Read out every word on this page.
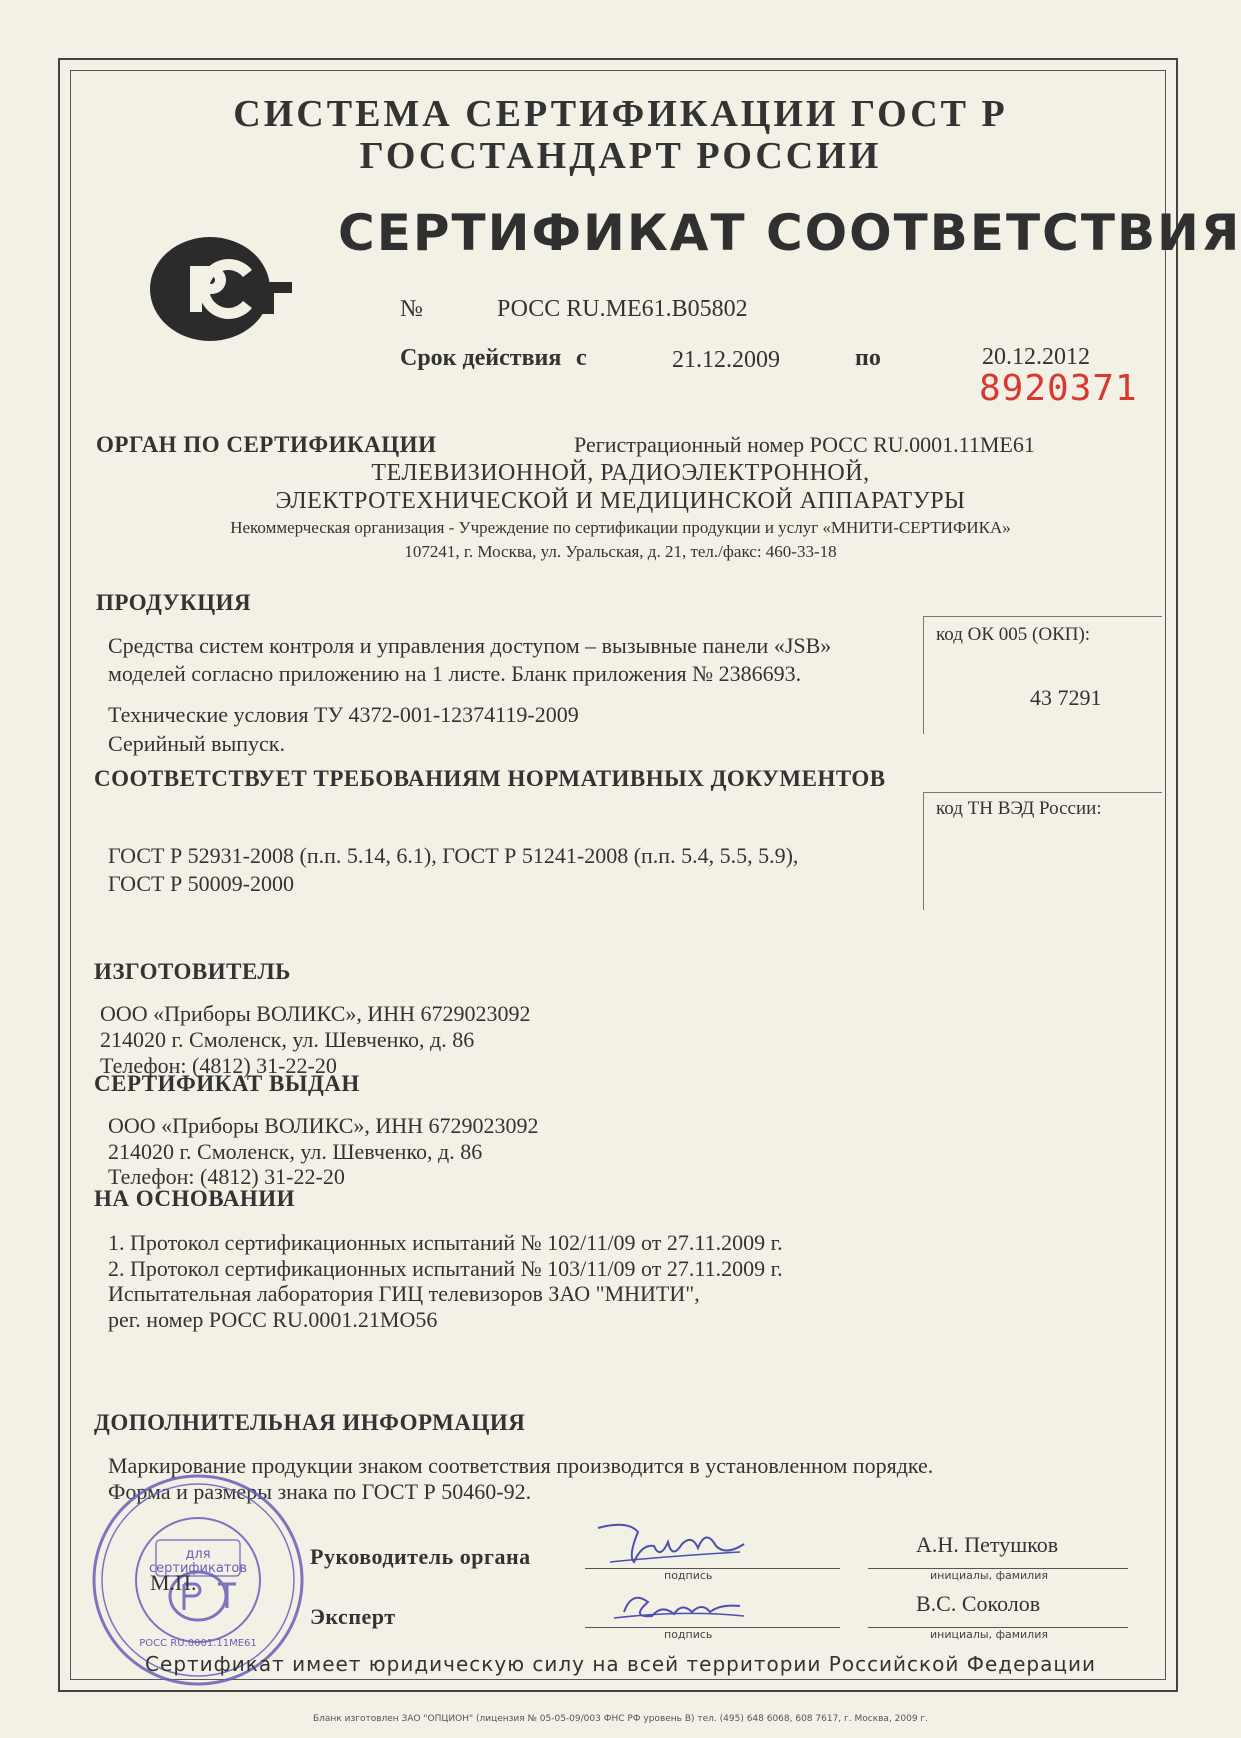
СИСТЕМА СЕРТИФИКАЦИИ ГОСТ Р
ГОССТАНДАРТ РОССИИ
СЕРТИФИКАТ СООТВЕТСТВИЯ
№	РОСС RU.МЕ61.В05802
Срок действия с	21.12.2009	по	20.12.2012
8920371
ОРГАН ПО СЕРТИФИКАЦИИ	Регистрационный номер РОСС RU.0001.11МЕ61
ТЕЛЕВИЗИОННОЙ, РАДИОЭЛЕКТРОННОЙ,
ЭЛЕКТРОТЕХНИЧЕСКОЙ И МЕДИЦИНСКОЙ АППАРАТУРЫ
Некоммерческая организация - Учреждение по сертификации продукции и услуг «МНИТИ-СЕРТИФИКА»
107241, г. Москва, ул. Уральская, д. 21, тел./факс: 460-33-18
ПРОДУКЦИЯ
Средства систем контроля и управления доступом – вызывные панели «JSB»
моделей согласно приложению на 1 листе. Бланк приложения № 2386693.
Технические условия ТУ 4372-001-12374119-2009
Серийный выпуск.
код ОК 005 (ОКП):
43 7291
СООТВЕТСТВУЕТ ТРЕБОВАНИЯМ НОРМАТИВНЫХ ДОКУМЕНТОВ
код ТН ВЭД России:
ГОСТ Р 52931-2008 (п.п. 5.14, 6.1), ГОСТ Р 51241-2008 (п.п. 5.4, 5.5, 5.9),
ГОСТ Р 50009-2000
ИЗГОТОВИТЕЛЬ
ООО «Приборы ВОЛИКС», ИНН 6729023092
214020 г. Смоленск, ул. Шевченко, д. 86
Телефон: (4812) 31-22-20
СЕРТИФИКАТ ВЫДАН
ООО «Приборы ВОЛИКС», ИНН 6729023092
214020 г. Смоленск, ул. Шевченко, д. 86
Телефон: (4812) 31-22-20
НА ОСНОВАНИИ
1. Протокол сертификационных испытаний № 102/11/09 от 27.11.2009 г.
2. Протокол сертификационных испытаний № 103/11/09 от 27.11.2009 г.
Испытательная лаборатория ГИЦ телевизоров ЗАО "МНИТИ",
рег. номер РОСС RU.0001.21МО56
ДОПОЛНИТЕЛЬНАЯ ИНФОРМАЦИЯ
Маркирование продукции знаком соответствия производится в установленном порядке.
Форма и размеры знака по ГОСТ Р 50460-92.
для
сертификатов
РОСС RU.0001.11МЕ61
М.П.
Руководитель органа
подпись
А.Н. Петушков
инициалы, фамилия
Эксперт
подпись
В.С. Соколов
инициалы, фамилия
Сертификат имеет юридическую силу на всей территории Российской Федерации
Бланк изготовлен ЗАО "ОПЦИОН" (лицензия № 05-05-09/003 ФНС РФ уровень В) тел. (495) 648 6068, 608 7617, г. Москва, 2009 г.
